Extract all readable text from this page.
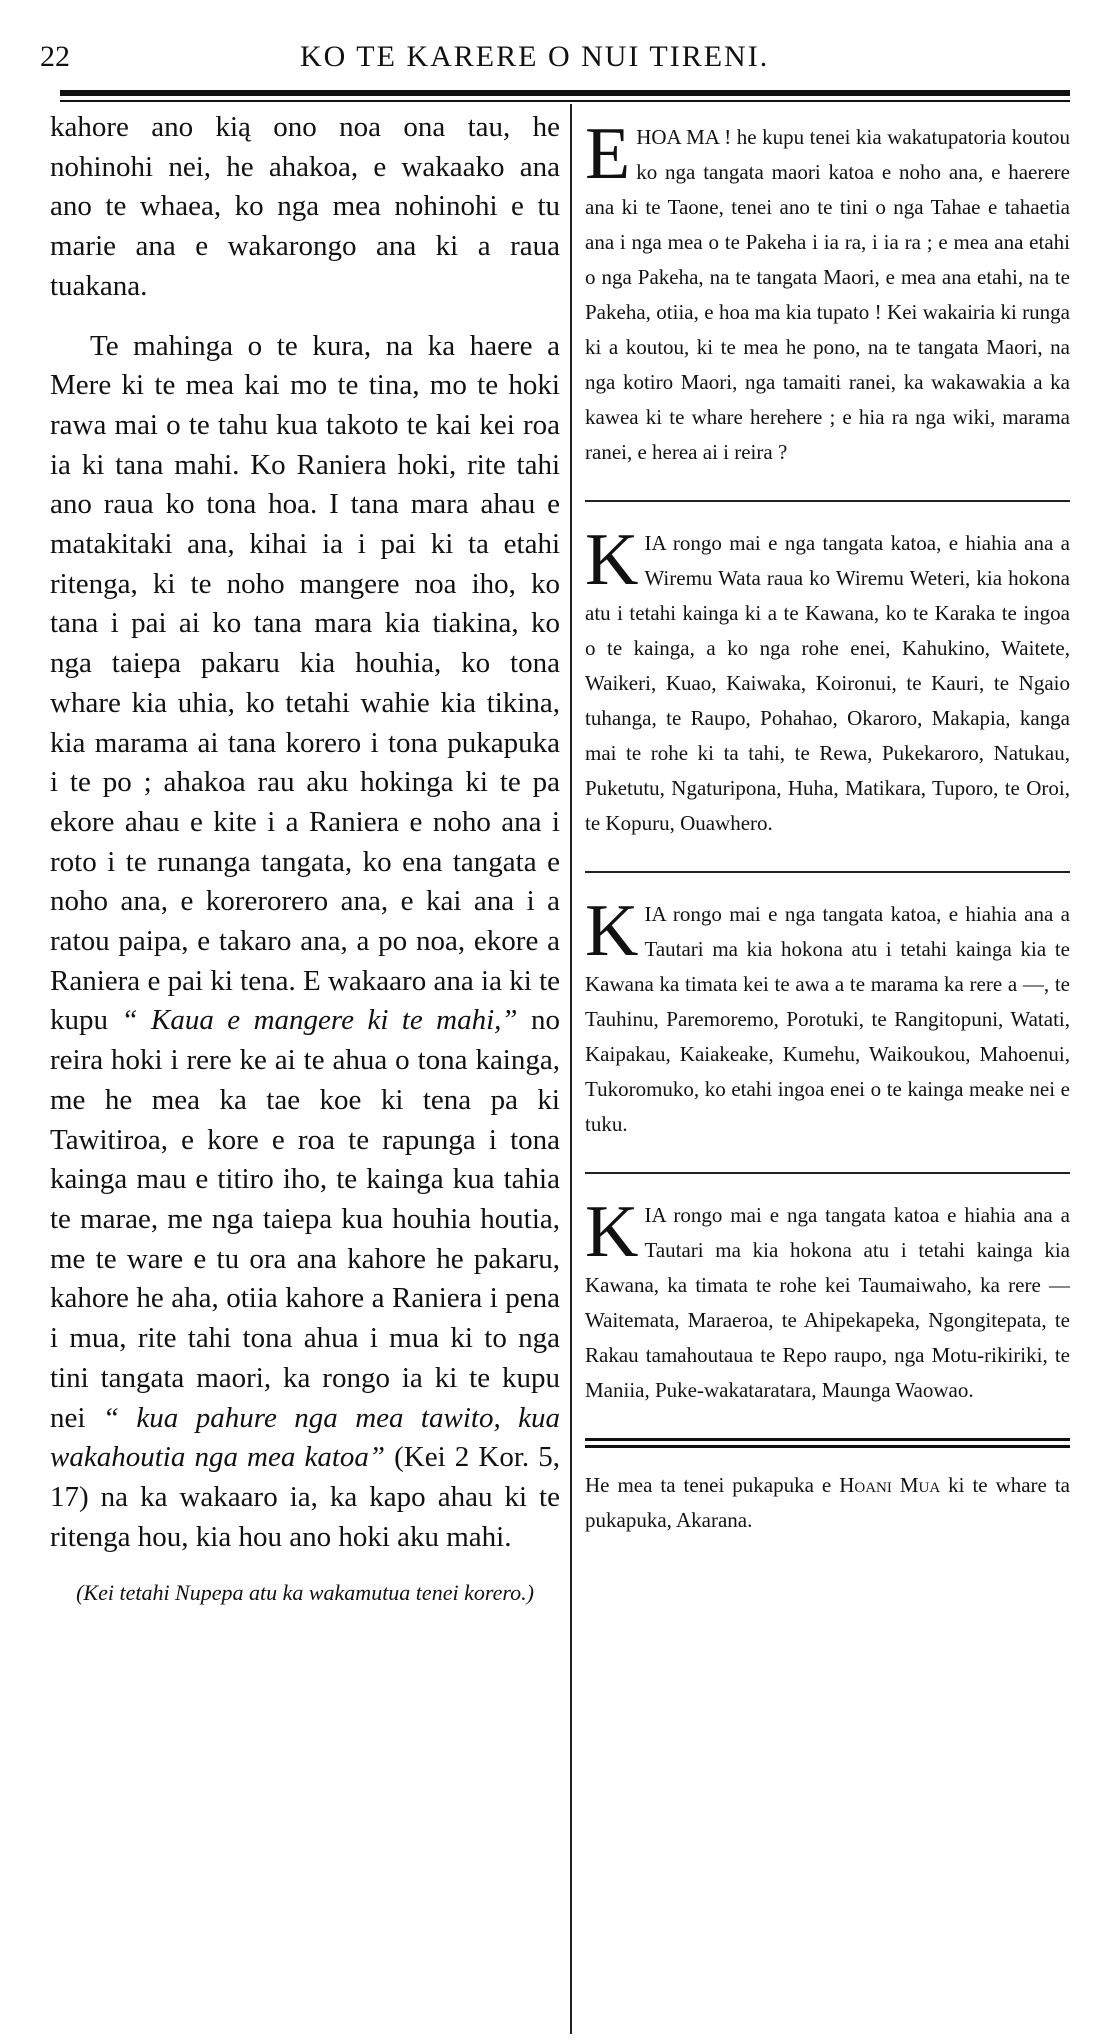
22	KO TE KARERE O NUI TIRENI.

kahore ano kią ono noa ona tau, he nohinohi nei, he ahakoa, e wakaako ana ano te whaea, ko nga mea nohinohi e tu marie ana e wakarongo ana ki a raua tuakana.

Te mahinga o te kura, na ka haere a Mere ki te mea kai mo te tina, mo te hoki rawa mai o te tahu kua takoto te kai kei roa ia ki tana mahi. Ko Raniera hoki, rite tahi ano raua ko tona hoa. I tana mara ahau e matakitaki ana, kihai ia i pai ki ta etahi ritenga, ki te noho mangere noa iho, ko tana i pai ai ko tana mara kia tiakina, ko nga taiepa pakaru kia houhia, ko tona whare kia uhia, ko tetahi wahie kia tikina, kia marama ai tana korero i tona pukapuka i te po ; ahakoa rau aku hokinga ki te pa ekore ahau e kite i a Raniera e noho ana i roto i te runanga tangata, ko ena tangata e noho ana, e korerorero ana, e kai ana i a ratou paipa, e takaro ana, a po noa, ekore a Raniera e pai ki tena. E wakaaro ana ia ki te kupu “ Kaua e mangere ki te mahi,” no reira hoki i rere ke ai te ahua o tona kainga, me he mea ka tae koe ki tena pa ki Tawitiroa, e kore e roa te rapunga i tona kainga mau e titiro iho, te kainga kua tahia te marae, me nga taiepa kua houhia houtia, me te ware e tu ora ana kahore he pakaru, kahore he aha, otiia kahore a Raniera i pena i mua, rite tahi tona ahua i mua ki to nga tini tangata maori, ka rongo ia ki te kupu nei “ kua pahure nga mea tawito, kua wakahoutia nga mea katoa” (Kei 2 Kor. 5, 17) na ka wakaaro ia, ka kapo ahau ki te ritenga hou, kia hou ano hoki aku mahi.

(Kei tetahi Nupepa atu ka wakamutua tenei korero.)

E HOA MA ! he kupu tenei kia wakatupatoria koutou ko nga tangata maori katoa e noho ana, e haerere ana ki te Taone, tenei ano te tini o nga Tahae e tahaetia ana i nga mea o te Pakeha i ia ra, i ia ra ; e mea ana etahi o nga Pakeha, na te tangata Maori, e mea ana etahi, na te Pakeha, otiia, e hoa ma kia tupato ! Kei wakairia ki runga ki a koutou, ki te mea he pono, na te tangata Maori, na nga kotiro Maori, nga tamaiti ranei, ka wakawakia a ka kawea ki te whare herehere ; e hia ra nga wiki, marama ranei, e herea ai i reira ?
K IA rongo mai e nga tangata katoa, e hiahia ana a Wiremu Wata raua ko Wiremu Weteri, kia hokona atu i tetahi kainga ki a te Kawana, ko te Karaka te ingoa o te kainga, a ko nga rohe enei, Kahukino, Waitete, Waikeri, Kuao, Kaiwaka, Koironui, te Kauri, te Ngaio tuhanga, te Raupo, Pohahao, Okaroro, Makapia, kanga mai te rohe ki ta tahi, te Rewa, Pukekaroro, Natukau, Puketutu, Ngaturipona, Huha, Matikara, Tuporo, te Oroi, te Kopuru, Ouawhero.
K IA rongo mai e nga tangata katoa, e hiahia ana a Tautari ma kia hokona atu i tetahi kainga kia te Kawana ka timata kei te awa a te marama ka rere a —, te Tauhinu, Paremoremo, Porotuki, te Rangitopuni, Watati, Kaipakau, Kaiakeake, Kumehu, Waikoukou, Mahoenui, Tukoromuko, ko etahi ingoa enei o te kainga meake nei e tuku.
K IA rongo mai e nga tangata katoa e hiahia ana a Tautari ma kia hokona atu i tetahi kainga kia Kawana, ka timata te rohe kei Taumaiwaho, ka rere — Waitemata, Maraeroa, te Ahipekapeka, Ngongitepata, te Rakau tamahoutaua te Repo raupo, nga Motu-rikiriki, te Maniia, Puke-wakataratara, Maunga Waowao.
He mea ta tenei pukapuka e Hoani Mua ki te whare ta pukapuka, Akarana.
